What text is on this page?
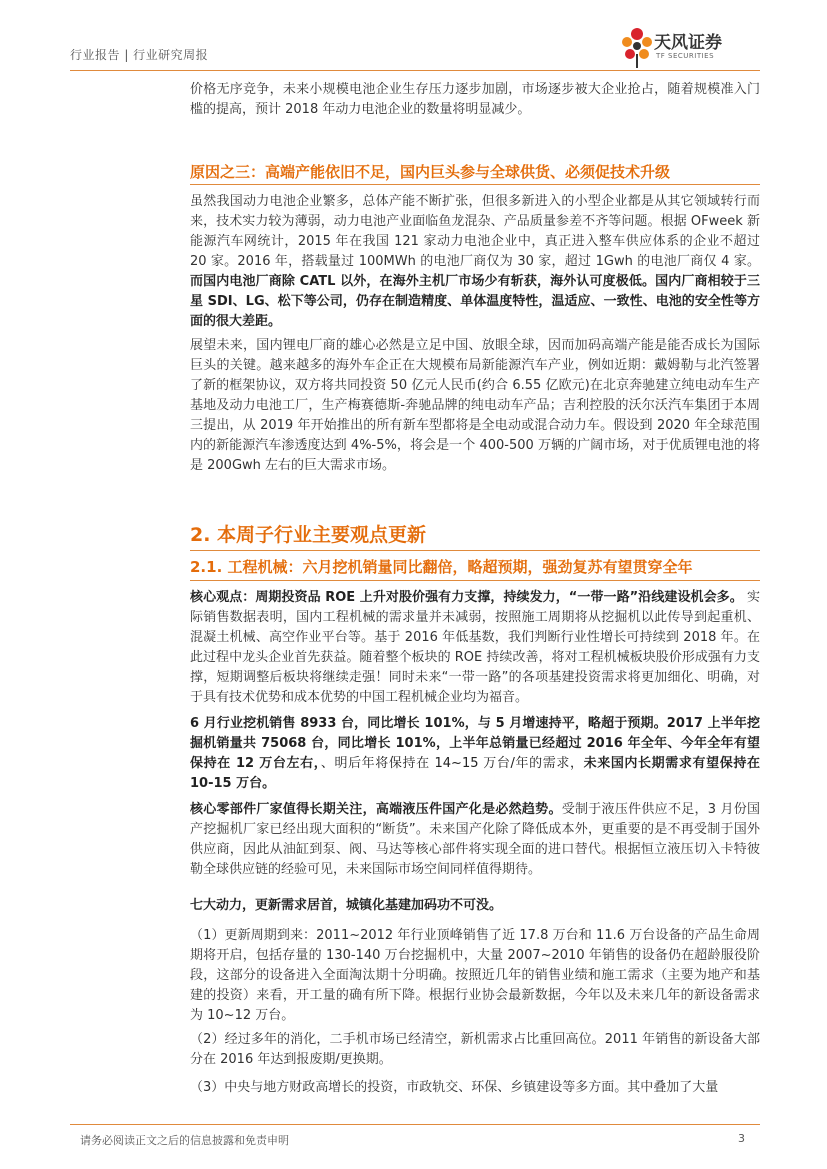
行业报告 | 行业研究周报
天风证券
TF SECURITIES

价格无序竞争，未来小规模电池企业生存压力逐步加剧，市场逐步被大企业抢占，随着规模准入门槛的提高，预计 2018 年动力电池企业的数量将明显减少。

原因之三：高端产能依旧不足，国内巨头参与全球供货、必须促技术升级

虽然我国动力电池企业繁多，总体产能不断扩张，但很多新进入的小型企业都是从其它领域转行而来，技术实力较为薄弱，动力电池产业面临鱼龙混杂、产品质量参差不齐等问题。根据 OFweek 新能源汽车网统计，2015 年在我国 121 家动力电池企业中，真正进入整车供应体系的企业不超过 20 家。2016 年，搭载量过 100MWh 的电池厂商仅为 30 家，超过 1Gwh 的电池厂商仅 4 家。而国内电池厂商除 CATL 以外，在海外主机厂市场少有斩获，海外认可度极低。国内厂商相较于三星 SDI、LG、松下等公司，仍存在制造精度、单体温度特性，温适应、一致性、电池的安全性等方面的很大差距。

展望未来，国内锂电厂商的雄心必然是立足中国、放眼全球，因而加码高端产能是能否成长为国际巨头的关键。越来越多的海外车企正在大规模布局新能源汽车产业，例如近期：戴姆勒与北汽签署了新的框架协议，双方将共同投资 50 亿元人民币(约合 6.55 亿欧元)在北京奔驰建立纯电动车生产基地及动力电池工厂，生产梅赛德斯-奔驰品牌的纯电动车产品；吉利控股的沃尔沃汽车集团于本周三提出，从 2019 年开始推出的所有新车型都将是全电动或混合动力车。假设到 2020 年全球范围内的新能源汽车渗透度达到 4%-5%，将会是一个 400-500 万辆的广阔市场，对于优质锂电池的将是 200Gwh 左右的巨大需求市场。

2. 本周子行业主要观点更新
2.1. 工程机械：六月挖机销量同比翻倍，略超预期，强劲复苏有望贯穿全年

核心观点：周期投资品 ROE 上升对股价强有力支撑，持续发力，“一带一路”沿线建设机会多。 实际销售数据表明，国内工程机械的需求量并未减弱，按照施工周期将从挖掘机以此传导到起重机、混凝土机械、高空作业平台等。基于 2016 年低基数，我们判断行业性增长可持续到 2018 年。在此过程中龙头企业首先获益。随着整个板块的 ROE 持续改善，将对工程机械板块股价形成强有力支撑，短期调整后板块将继续走强！同时未来“一带一路”的各项基建投资需求将更加细化、明确，对于具有技术优势和成本优势的中国工程机械企业均为福音。

6 月行业挖机销售 8933 台，同比增长 101%，与 5 月增速持平，略超于预期。2017 上半年挖掘机销量共 75068 台，同比增长 101%，上半年总销量已经超过 2016 年全年、今年全年有望保持在 12 万台左右，、明后年将保持在 14~15 万台/年的需求，未来国内长期需求有望保持在 10-15 万台。

核心零部件厂家值得长期关注，高端液压件国产化是必然趋势。受制于液压件供应不足，3 月份国产挖掘机厂家已经出现大面积的“断货”。未来国产化除了降低成本外，更重要的是不再受制于国外供应商，因此从油缸到泵、阀、马达等核心部件将实现全面的进口替代。根据恒立液压切入卡特彼勒全球供应链的经验可见，未来国际市场空间同样值得期待。

七大动力，更新需求居首，城镇化基建加码功不可没。

（1）更新周期到来：2011~2012 年行业顶峰销售了近 17.8 万台和 11.6 万台设备的产品生命周期将开启，包括存量的 130-140 万台挖掘机中，大量 2007~2010 年销售的设备仍在超龄服役阶段，这部分的设备进入全面淘汰期十分明确。按照近几年的销售业绩和施工需求（主要为地产和基建的投资）来看，开工量的确有所下降。根据行业协会最新数据，今年以及未来几年的新设备需求为 10~12 万台。

（2）经过多年的消化，二手机市场已经清空，新机需求占比重回高位。2011 年销售的新设备大部分在 2016 年达到报废期/更换期。

（3）中央与地方财政高增长的投资，市政轨交、环保、乡镇建设等多方面。其中叠加了大量

请务必阅读正文之后的信息披露和免责申明	3
